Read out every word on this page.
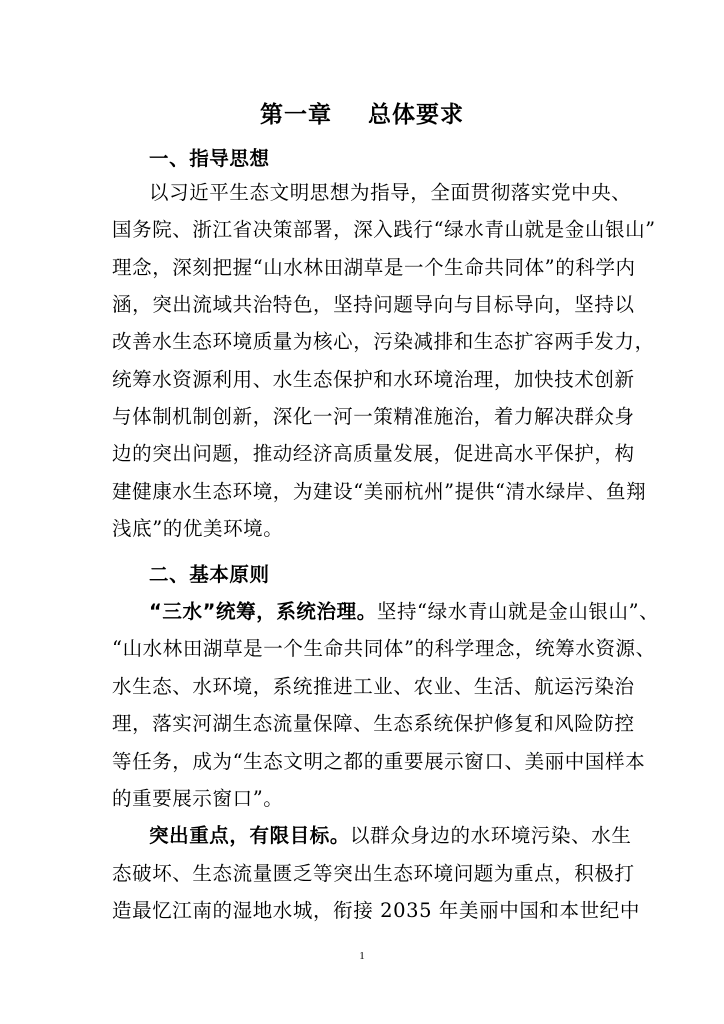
第一章    总体要求
一、指导思想
以习近平生态文明思想为指导，全面贯彻落实党中央、
国务院、浙江省决策部署，深入践行“绿水青山就是金山银山”
理念，深刻把握“山水林田湖草是一个生命共同体”的科学内
涵，突出流域共治特色，坚持问题导向与目标导向，坚持以
改善水生态环境质量为核心，污染减排和生态扩容两手发力，
统筹水资源利用、水生态保护和水环境治理，加快技术创新
与体制机制创新，深化一河一策精准施治，着力解决群众身
边的突出问题，推动经济高质量发展，促进高水平保护，构
建健康水生态环境，为建设“美丽杭州”提供“清水绿岸、鱼翔
浅底”的优美环境。
二、基本原则
“三水”统筹，系统治理。坚持“绿水青山就是金山银山”、
“山水林田湖草是一个生命共同体”的科学理念，统筹水资源、
水生态、水环境，系统推进工业、农业、生活、航运污染治
理，落实河湖生态流量保障、生态系统保护修复和风险防控
等任务，成为“生态文明之都的重要展示窗口、美丽中国样本
的重要展示窗口”。
突出重点，有限目标。以群众身边的水环境污染、水生
态破坏、生态流量匮乏等突出生态环境问题为重点，积极打
造最忆江南的湿地水城，衔接 2035 年美丽中国和本世纪中
1
